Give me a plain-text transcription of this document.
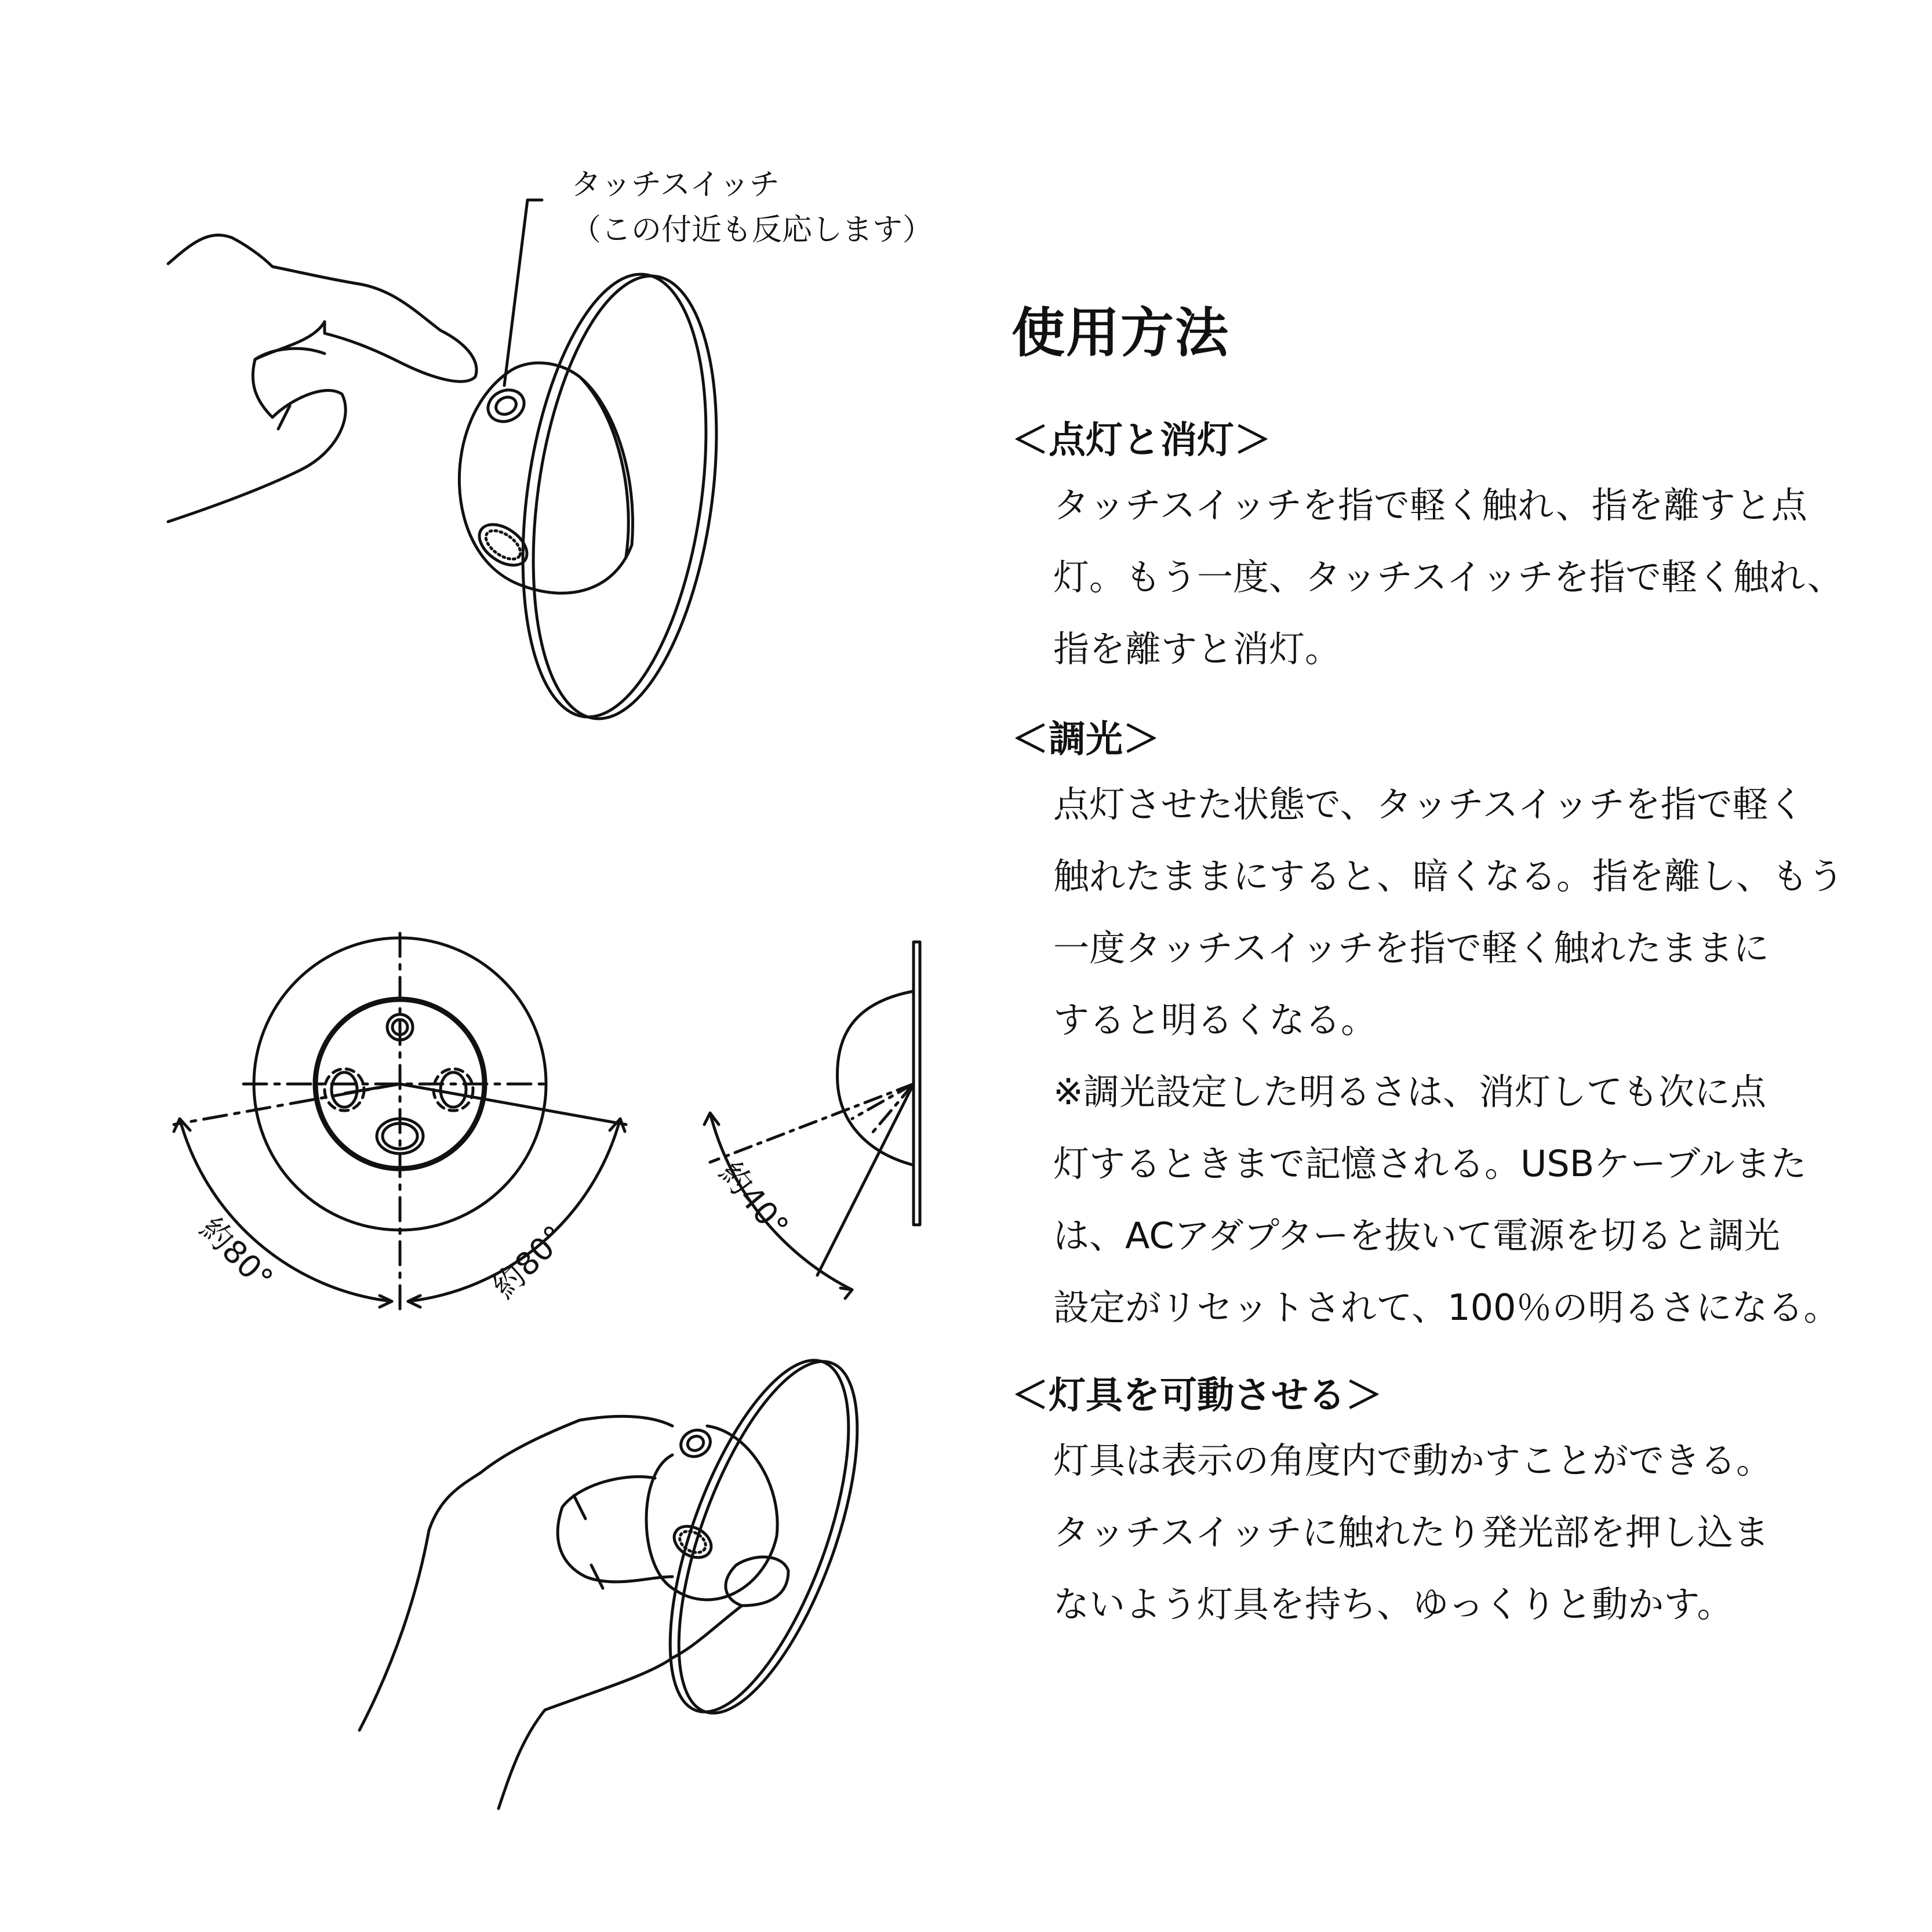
タッチスイッチ
（この付近も反応します）
約80°	約80°
約40°
使用方法
＜点灯と消灯＞
タッチスイッチを指で軽く触れ、指を離すと点
灯。もう一度、タッチスイッチを指で軽く触れ、
指を離すと消灯。
＜調光＞
点灯させた状態で、タッチスイッチを指で軽く
触れたままにすると、暗くなる。指を離し、もう
一度タッチスイッチを指で軽く触れたままに
すると明るくなる。
※調光設定した明るさは、消灯しても次に点
灯するときまで記憶される。USBケーブルまた
は、ACアダプターを抜いて電源を切ると調光
設定がリセットされて、100％の明るさになる。
＜灯具を可動させる＞
灯具は表示の角度内で動かすことができる。
タッチスイッチに触れたり発光部を押し込ま
ないよう灯具を持ち、ゆっくりと動かす。
